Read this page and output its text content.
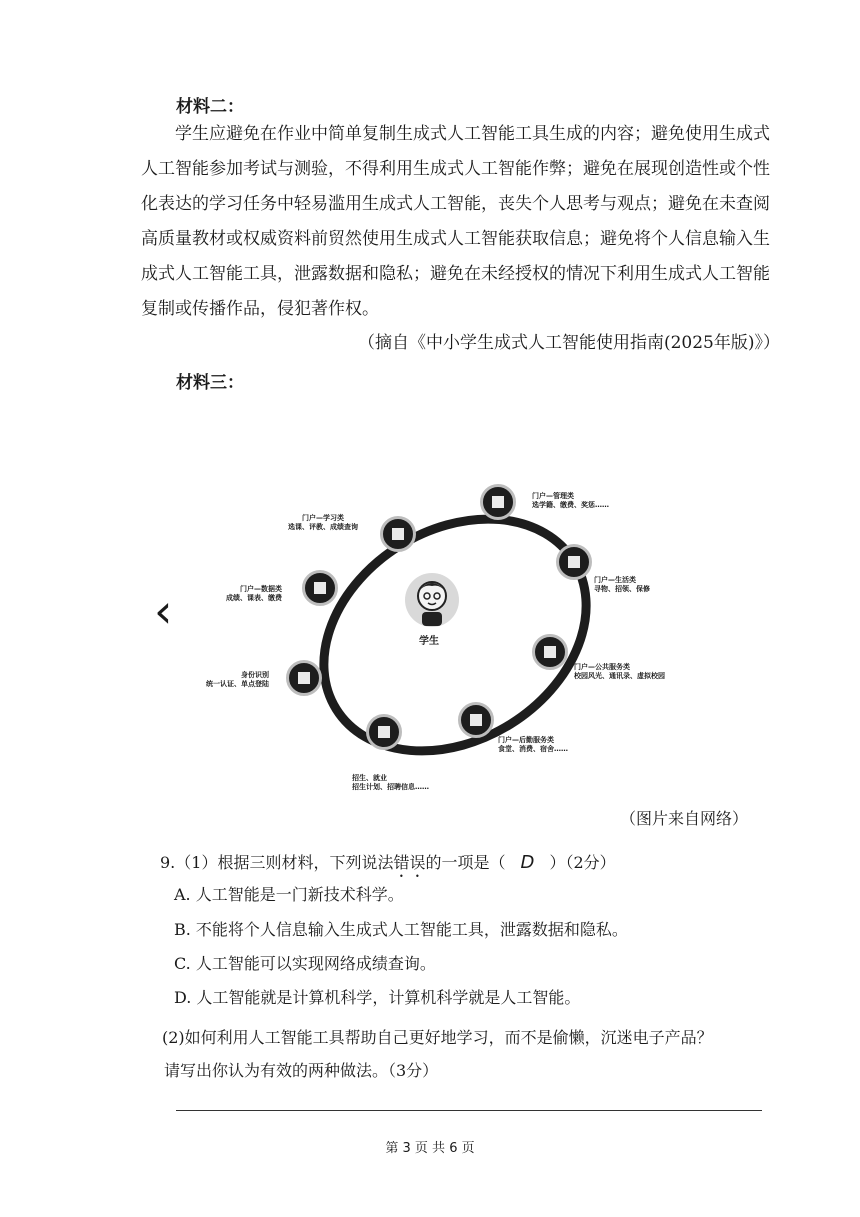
材料二：
学生应避免在作业中简单复制生成式人工智能工具生成的内容；避免使用生成式人工智能参加考试与测验，不得利用生成式人工智能作弊；避免在展现创造性或个性化表达的学习任务中轻易滥用生成式人工智能，丧失个人思考与观点；避免在未查阅高质量教材或权威资料前贸然使用生成式人工智能获取信息；避免将个人信息输入生成式人工智能工具，泄露数据和隐私；避免在未经授权的情况下利用生成式人工智能复制或传播作品，侵犯著作权。
（摘自《中小学生成式人工智能使用指南(2025年版)》）
材料三：
‹
学生
门户—学习类
选课、评教、成绩查询
门户—管理类
选学籍、缴费、奖惩……
门户—生活类
寻物、招领、保修
门户—公共服务类
校园风光、通讯录、虚拟校园
门户—后勤服务类
食堂、消费、宿舍……
招生、就业
招生计划、招聘信息……
身份识别
统一认证、单点登陆
门户—数据类
成绩、课表、缴费
（图片来自网络）
9.（1）根据三则材料，下列说法错误的一项是（ D ）（2分）
A. 人工智能是一门新技术科学。
B. 不能将个人信息输入生成式人工智能工具，泄露数据和隐私。
C. 人工智能可以实现网络成绩查询。
D. 人工智能就是计算机科学，计算机科学就是人工智能。
(2)如何利用人工智能工具帮助自己更好地学习，而不是偷懒，沉迷电子产品？
请写出你认为有效的两种做法。（3分）
第 3 页 共 6 页
